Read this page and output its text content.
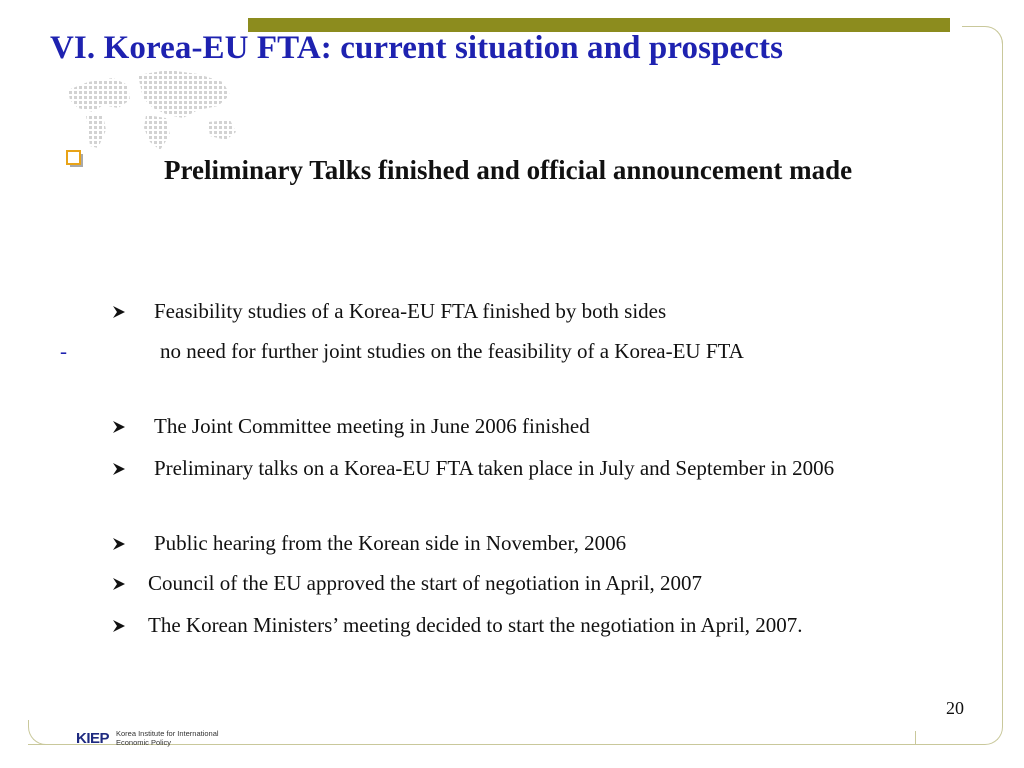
VI. Korea-EU FTA: current situation and prospects

Preliminary Talks finished and official announcement made

Feasibility studies of a Korea-EU FTA finished by both sides

-	no need for further joint studies on the feasibility of a Korea-EU FTA

The Joint Committee meeting in June 2006 finished

Preliminary talks on a Korea-EU FTA taken place in July and September in 2006

Public hearing from the Korean side in November, 2006

Council of the EU approved the start of negotiation in April, 2007

The Korean Ministers’ meeting decided to start the negotiation in April, 2007.

20

KIEP Korea Institute for International
Economic Policy
